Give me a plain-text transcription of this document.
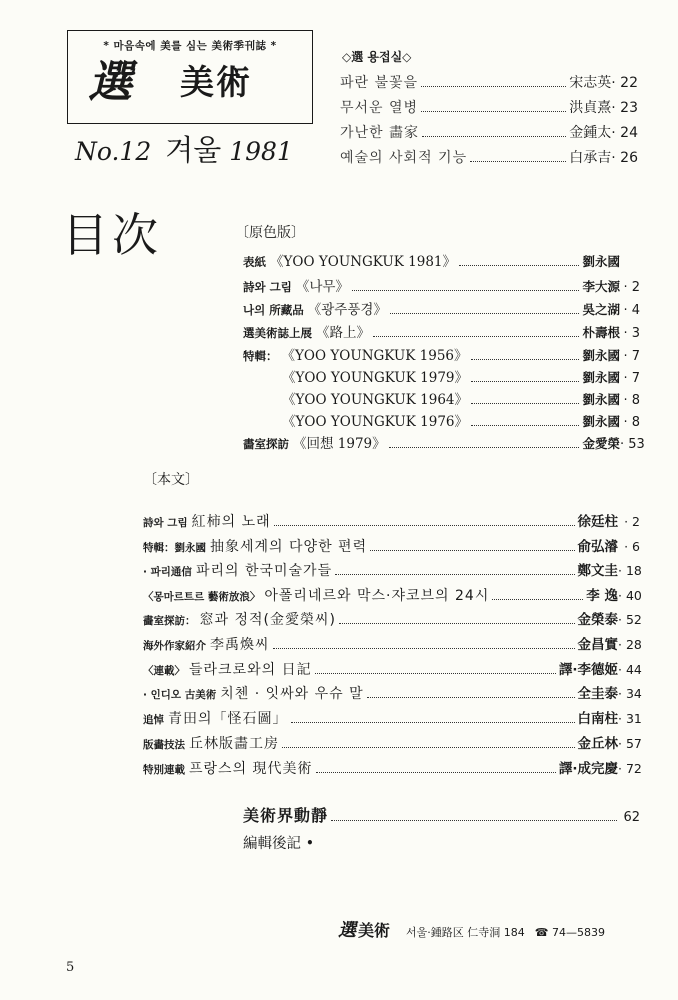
* 마음속에 美를 심는 美術季刊誌 *
選 美術
No.12 겨울 1981
◇選 용접실◇
파란 불꽃을	宋志英 · 22
무서운 열병	洪貞熹 · 23
가난한 畵家	金鍾太 · 24
예술의 사회적 기능	白承吉 · 26
目次	〔原色版〕
表紙 《YOO YOUNGKUK 1981》	劉永國
詩와 그림 《나무》	李大源 · 2
나의 所藏品 《광주풍경》	吳之湖 · 4
選美術誌上展 《路上》	朴壽根 · 3
特輯： 《YOO YOUNGKUK 1956》	劉永國 · 7
《YOO YOUNGKUK 1979》	劉永國 · 7
《YOO YOUNGKUK 1964》	劉永國 · 8
《YOO YOUNGKUK 1976》	劉永國 · 8
畵室探訪 《回想 1979》	金愛榮 · 53
〔本文〕
詩와 그림 紅柿의 노래	徐廷柱 · 2
特輯：劉永國 抽象세계의 다양한 편력	俞弘濬 · 6
· 파리通信 파리의 한국미술가들	鄭文圭 · 18
〈몽마르트르 藝術放浪〉 아폴리네르와 막스·쟈코브의 24시	李 逸 · 40
畵室探訪： 窓과 정적(金愛榮씨)	金榮泰 · 52
海外作家紹介 李禹煥씨	金昌實 · 28
〈連載〉 들라크로와의 日記	譯·李德姬 · 44
· 인디오 古美術 치첸 · 잇싸와 우슈 말	全圭泰 · 34
追悼 青田의「怪石圖」	白南柱 · 31
版畵技法 丘林版畵工房	金丘林 · 57
特別連載 프랑스의 現代美術	譯·成完慶 · 72
美術界動靜	62
編輯後記 •
選 美術 서울·鍾路区 仁寺洞 184 ☎ 74—5839
5
